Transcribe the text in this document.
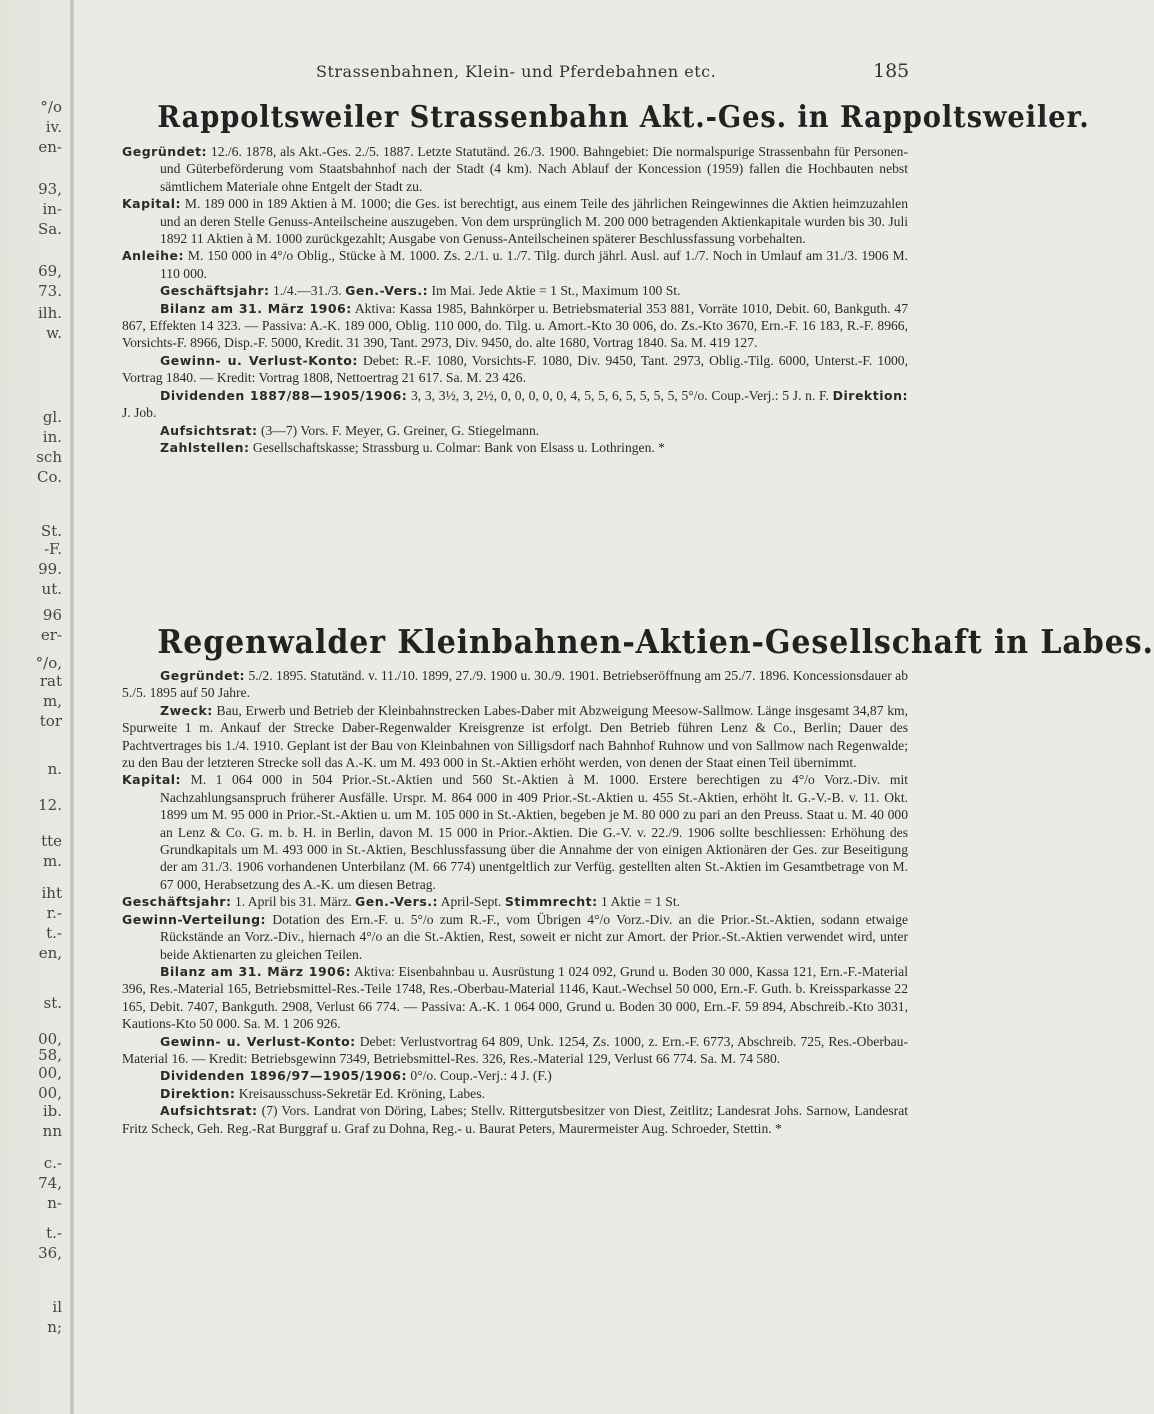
°/o
iv.
en-
93,
in-
Sa.
69,
73.
ilh.
w.
gl.
in.
sch
Co.
St.
-F.
99.
ut.
96
er-
°/o,
rat
m,
tor
n.
12.
tte
m.
iht
r.-
t.-
en,
st.
00,
58,
00,
00,
ib.
nn
c.-
74,
n-
t.-
36,
il
n;
Strassenbahnen, Klein- und Pferdebahnen etc.	185
Rappoltsweiler Strassenbahn Akt.-Ges. in Rappoltsweiler.

Gegründet: 12./6. 1878, als Akt.-Ges. 2./5. 1887. Letzte Statutänd. 26./3. 1900. Bahngebiet: Die normalspurige Strassenbahn für Personen- und Güterbeförderung vom Staatsbahnhof nach der Stadt (4 km). Nach Ablauf der Koncession (1959) fallen die Hochbauten nebst sämtlichem Materiale ohne Entgelt der Stadt zu.

Kapital: M. 189 000 in 189 Aktien à M. 1000; die Ges. ist berechtigt, aus einem Teile des jährlichen Reingewinnes die Aktien heimzuzahlen und an deren Stelle Genuss-Anteilscheine auszugeben. Von dem ursprünglich M. 200 000 betragenden Aktienkapitale wurden bis 30. Juli 1892 11 Aktien à M. 1000 zurückgezahlt; Ausgabe von Genuss-Anteilscheinen späterer Beschlussfassung vorbehalten.

Anleihe: M. 150 000 in 4°/o Oblig., Stücke à M. 1000. Zs. 2./1. u. 1./7. Tilg. durch jährl. Ausl. auf 1./7. Noch in Umlauf am 31./3. 1906 M. 110 000.

Geschäftsjahr: 1./4.—31./3. Gen.-Vers.: Im Mai. Jede Aktie = 1 St., Maximum 100 St.

Bilanz am 31. März 1906: Aktiva: Kassa 1985, Bahnkörper u. Betriebsmaterial 353 881, Vorräte 1010, Debit. 60, Bankguth. 47 867, Effekten 14 323. — Passiva: A.-K. 189 000, Oblig. 110 000, do. Tilg. u. Amort.-Kto 30 006, do. Zs.-Kto 3670, Ern.-F. 16 183, R.-F. 8966, Vorsichts-F. 8966, Disp.-F. 5000, Kredit. 31 390, Tant. 2973, Div. 9450, do. alte 1680, Vortrag 1840. Sa. M. 419 127.

Gewinn- u. Verlust-Konto: Debet: R.-F. 1080, Vorsichts-F. 1080, Div. 9450, Tant. 2973, Oblig.-Tilg. 6000, Unterst.-F. 1000, Vortrag 1840. — Kredit: Vortrag 1808, Nettoertrag 21 617. Sa. M. 23 426.

Dividenden 1887/88—1905/1906: 3, 3, 3½, 3, 2½, 0, 0, 0, 0, 0, 4, 5, 5, 6, 5, 5, 5, 5, 5°/o. Coup.-Verj.: 5 J. n. F. Direktion: J. Job.

Aufsichtsrat: (3—7) Vors. F. Meyer, G. Greiner, G. Stiegelmann.

Zahlstellen: Gesellschaftskasse; Strassburg u. Colmar: Bank von Elsass u. Lothringen. *

Regenwalder Kleinbahnen-Aktien-Gesellschaft in Labes.

Gegründet: 5./2. 1895. Statutänd. v. 11./10. 1899, 27./9. 1900 u. 30./9. 1901. Betriebseröffnung am 25./7. 1896. Koncessionsdauer ab 5./5. 1895 auf 50 Jahre.

Zweck: Bau, Erwerb und Betrieb der Kleinbahnstrecken Labes-Daber mit Abzweigung Meesow-Sallmow. Länge insgesamt 34,87 km, Spurweite 1 m. Ankauf der Strecke Daber-Regenwalder Kreisgrenze ist erfolgt. Den Betrieb führen Lenz & Co., Berlin; Dauer des Pachtvertrages bis 1./4. 1910. Geplant ist der Bau von Kleinbahnen von Silligsdorf nach Bahnhof Ruhnow und von Sallmow nach Regenwalde; zu den Bau der letzteren Strecke soll das A.-K. um M. 493 000 in St.-Aktien erhöht werden, von denen der Staat einen Teil übernimmt.

Kapital: M. 1 064 000 in 504 Prior.-St.-Aktien und 560 St.-Aktien à M. 1000. Erstere berechtigen zu 4°/o Vorz.-Div. mit Nachzahlungsanspruch früherer Ausfälle. Urspr. M. 864 000 in 409 Prior.-St.-Aktien u. 455 St.-Aktien, erhöht lt. G.-V.-B. v. 11. Okt. 1899 um M. 95 000 in Prior.-St.-Aktien u. um M. 105 000 in St.-Aktien, begeben je M. 80 000 zu pari an den Preuss. Staat u. M. 40 000 an Lenz & Co. G. m. b. H. in Berlin, davon M. 15 000 in Prior.-Aktien. Die G.-V. v. 22./9. 1906 sollte beschliessen: Erhöhung des Grundkapitals um M. 493 000 in St.-Aktien, Beschlussfassung über die Annahme der von einigen Aktionären der Ges. zur Beseitigung der am 31./3. 1906 vorhandenen Unterbilanz (M. 66 774) unentgeltlich zur Verfüg. gestellten alten St.-Aktien im Gesamtbetrage von M. 67 000, Herabsetzung des A.-K. um diesen Betrag.

Geschäftsjahr: 1. April bis 31. März. Gen.-Vers.: April-Sept. Stimmrecht: 1 Aktie = 1 St.

Gewinn-Verteilung: Dotation des Ern.-F. u. 5°/o zum R.-F., vom Übrigen 4°/o Vorz.-Div. an die Prior.-St.-Aktien, sodann etwaige Rückstände an Vorz.-Div., hiernach 4°/o an die St.-Aktien, Rest, soweit er nicht zur Amort. der Prior.-St.-Aktien verwendet wird, unter beide Aktienarten zu gleichen Teilen.

Bilanz am 31. März 1906: Aktiva: Eisenbahnbau u. Ausrüstung 1 024 092, Grund u. Boden 30 000, Kassa 121, Ern.-F.-Material 396, Res.-Material 165, Betriebsmittel-Res.-Teile 1748, Res.-Oberbau-Material 1146, Kaut.-Wechsel 50 000, Ern.-F. Guth. b. Kreissparkasse 22 165, Debit. 7407, Bankguth. 2908, Verlust 66 774. — Passiva: A.-K. 1 064 000, Grund u. Boden 30 000, Ern.-F. 59 894, Abschreib.-Kto 3031, Kautions-Kto 50 000. Sa. M. 1 206 926.

Gewinn- u. Verlust-Konto: Debet: Verlustvortrag 64 809, Unk. 1254, Zs. 1000, z. Ern.-F. 6773, Abschreib. 725, Res.-Oberbau-Material 16. — Kredit: Betriebsgewinn 7349, Betriebsmittel-Res. 326, Res.-Material 129, Verlust 66 774. Sa. M. 74 580.

Dividenden 1896/97—1905/1906: 0°/o. Coup.-Verj.: 4 J. (F.)

Direktion: Kreisausschuss-Sekretär Ed. Kröning, Labes.

Aufsichtsrat: (7) Vors. Landrat von Döring, Labes; Stellv. Rittergutsbesitzer von Diest, Zeitlitz; Landesrat Johs. Sarnow, Landesrat Fritz Scheck, Geh. Reg.-Rat Burggraf u. Graf zu Dohna, Reg.- u. Baurat Peters, Maurermeister Aug. Schroeder, Stettin. *
